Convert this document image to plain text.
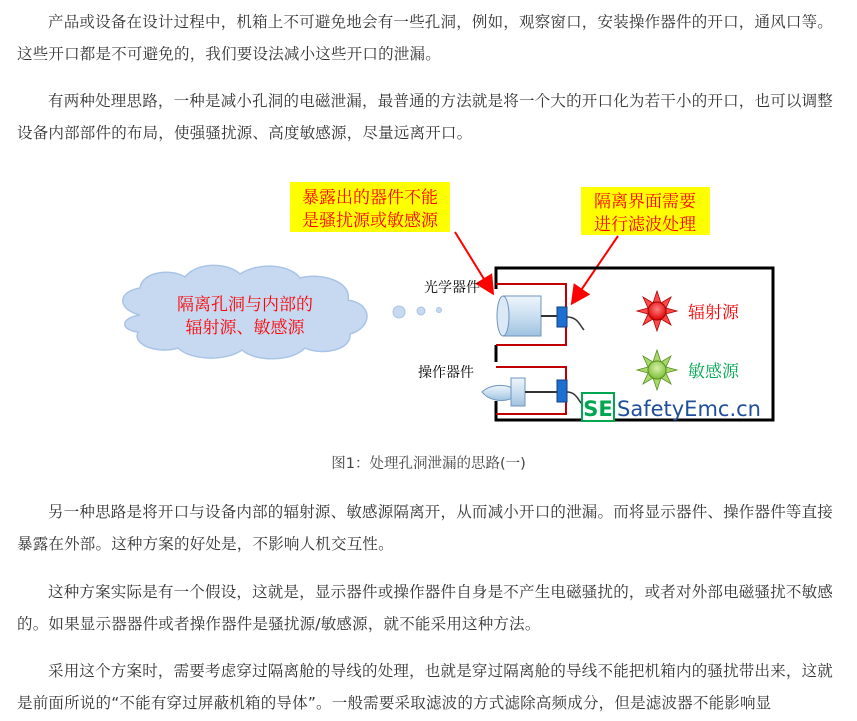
产品或设备在设计过程中，机箱上不可避免地会有一些孔洞，例如，观察窗口，安装操作器件的开口，通风口等。这些开口都是不可避免的，我们要设法减小这些开口的泄漏。

有两种处理思路，一种是减小孔洞的电磁泄漏，最普通的方法就是将一个大的开口化为若干小的开口，也可以调整设备内部部件的布局，使强骚扰源、高度敏感源，尽量远离开口。

暴露出的器件不能
是骚扰源或敏感源
隔离界面需要
进行滤波处理
隔离孔洞与内部的
辐射源、敏感源
光学器件
操作器件
辐射源
敏感源
SE SafetyEmc.cn
图1：处理孔洞泄漏的思路(一)

另一种思路是将开口与设备内部的辐射源、敏感源隔离开，从而减小开口的泄漏。而将显示器件、操作器件等直接暴露在外部。这种方案的好处是，不影响人机交互性。

这种方案实际是有一个假设，这就是，显示器件或操作器件自身是不产生电磁骚扰的，或者对外部电磁骚扰不敏感的。如果显示器器件或者操作器件是骚扰源/敏感源，就不能采用这种方法。

采用这个方案时，需要考虑穿过隔离舱的导线的处理，也就是穿过隔离舱的导线不能把机箱内的骚扰带出来，这就是前面所说的“不能有穿过屏蔽机箱的导体”。一般需要采取滤波的方式滤除高频成分，但是滤波器不能影响显
